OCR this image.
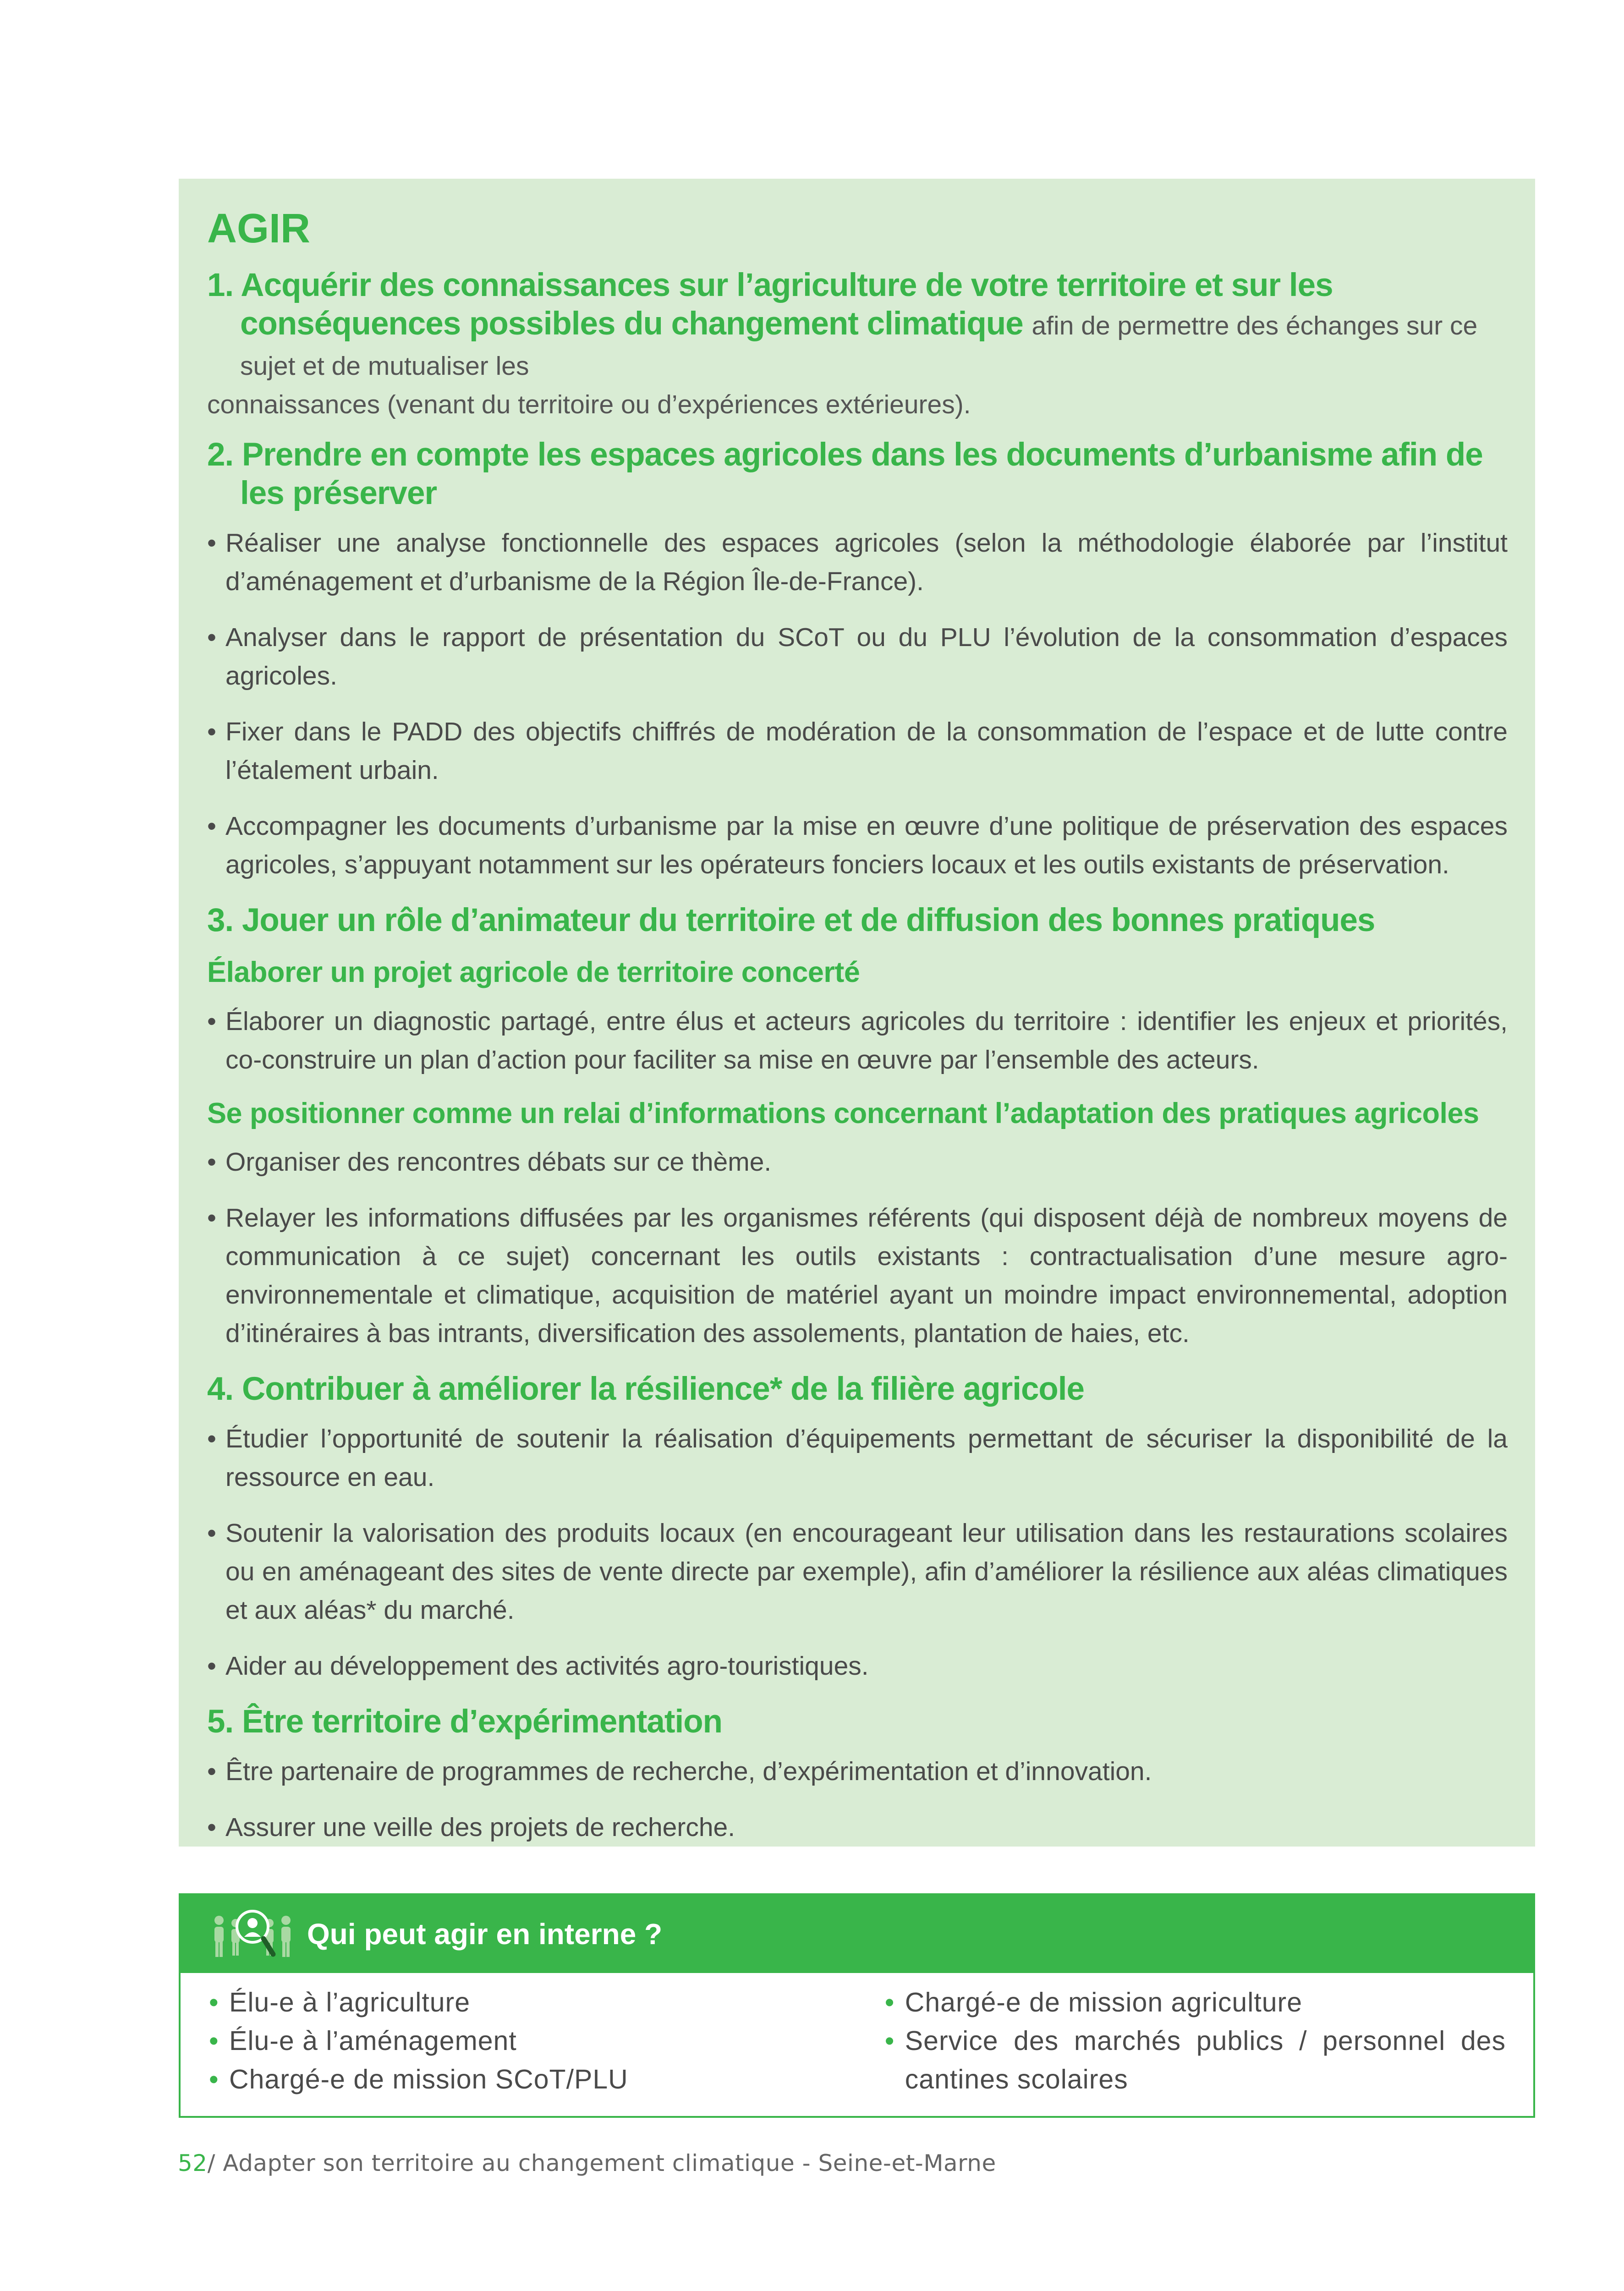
AGIR
1. Acquérir des connaissances sur l’agriculture de votre territoire et sur les conséquences possibles du changement climatique afin de permettre des échanges sur ce sujet et de mutualiser les
connaissances (venant du territoire ou d’expériences extérieures).
2. Prendre en compte les espaces agricoles dans les documents d’urbanisme afin de les préserver
• Réaliser une analyse fonctionnelle des espaces agricoles (selon la méthodologie élaborée par l’institut d’aménagement et d’urbanisme de la Région Île-de-France).
• Analyser dans le rapport de présentation du SCoT ou du PLU l’évolution de la consommation d’espaces agricoles.
• Fixer dans le PADD des objectifs chiffrés de modération de la consommation de l’espace et de lutte contre l’étalement urbain.
• Accompagner les documents d’urbanisme par la mise en œuvre d’une politique de préservation des espaces agricoles, s’appuyant notamment sur les opérateurs fonciers locaux et les outils existants de préservation.
3. Jouer un rôle d’animateur du territoire et de diffusion des bonnes pratiques
Élaborer un projet agricole de territoire concerté
• Élaborer un diagnostic partagé, entre élus et acteurs agricoles du territoire : identifier les enjeux et priorités, co-construire un plan d’action pour faciliter sa mise en œuvre par l’ensemble des acteurs.
Se positionner comme un relai d’informations concernant l’adaptation des pratiques agricoles
• Organiser des rencontres débats sur ce thème.
• Relayer les informations diffusées par les organismes référents (qui disposent déjà de nombreux moyens de communication à ce sujet) concernant les outils existants : contractualisation d’une mesure agro-environnementale et climatique, acquisition de matériel ayant un moindre impact environnemental, adoption d’itinéraires à bas intrants, diversification des assolements, plantation de haies, etc.
4. Contribuer à améliorer la résilience* de la filière agricole
• Étudier l’opportunité de soutenir la réalisation d’équipements permettant de sécuriser la disponibilité de la ressource en eau.
• Soutenir la valorisation des produits locaux (en encourageant leur utilisation dans les restaurations scolaires ou en aménageant des sites de vente directe par exemple), afin d’améliorer la résilience aux aléas climatiques et aux aléas* du marché.
• Aider au développement des activités agro-touristiques.
5. Être territoire d’expérimentation
• Être partenaire de programmes de recherche, d’expérimentation et d’innovation.
• Assurer une veille des projets de recherche.
Qui peut agir en interne ?
• Élu-e à l’agriculture
• Élu-e à l’aménagement
• Chargé-e de mission SCoT/PLU
• Chargé-e de mission agriculture
• Service des marchés publics / personnel des cantines scolaires
52/ Adapter son territoire au changement climatique - Seine-et-Marne
